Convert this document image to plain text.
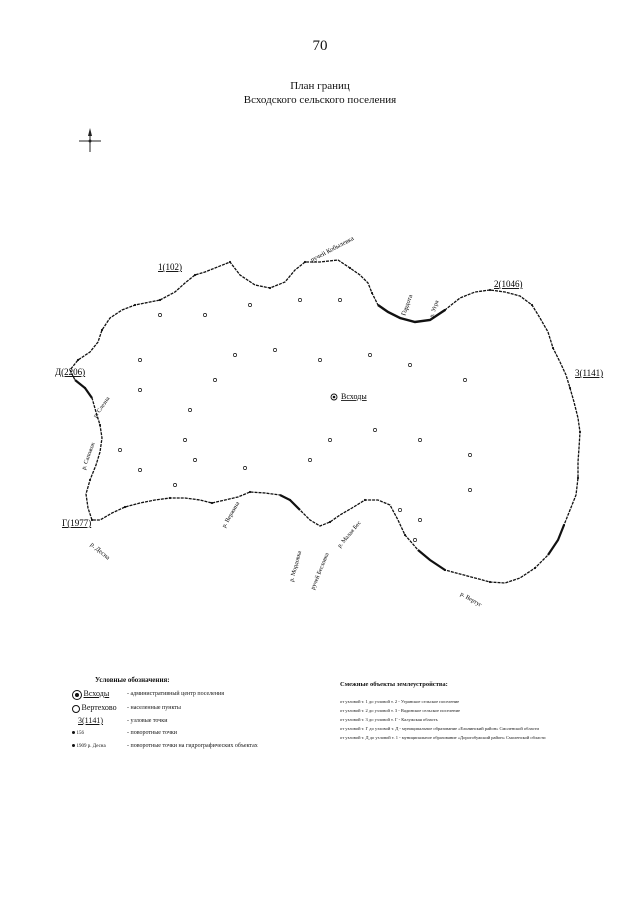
70
План границ
Всходского сельского поселения
Всходы
1(102)
2(1046)
3(1141)
Д(2206)
Г(1977)
ручей Кобылевка
Гордота р. Угра
р. Десна
р. Сапожок
р. Слезна
р. Вержина
р. Мордовка ручей Бесховка
р. Малая Бес
р. Вертуг
Условные обозначения:
Всходы	- административный центр поселения
Вертехово - населенные пункты
3(1141)	- узловые точки
156	- поворотные точки
1909 р. Десна	- поворотные точки на гидрографических объектах
Смежные объекты землеустройства:
от узловой т. 1 до узловой т. 2 - Угранское сельское поселение
от узловой т. 2 до узловой т. 3 - Вадинское сельское поселение
от узловой т. 3 до узловой т. Г - Калужская область
от узловой т. Г до узловой т. Д - муниципальное образование «Ельнинский район» Смоленской области
от узловой т. Д до узловой т. 1 - муниципальное образование «Дорогобужский район» Смоленской области
